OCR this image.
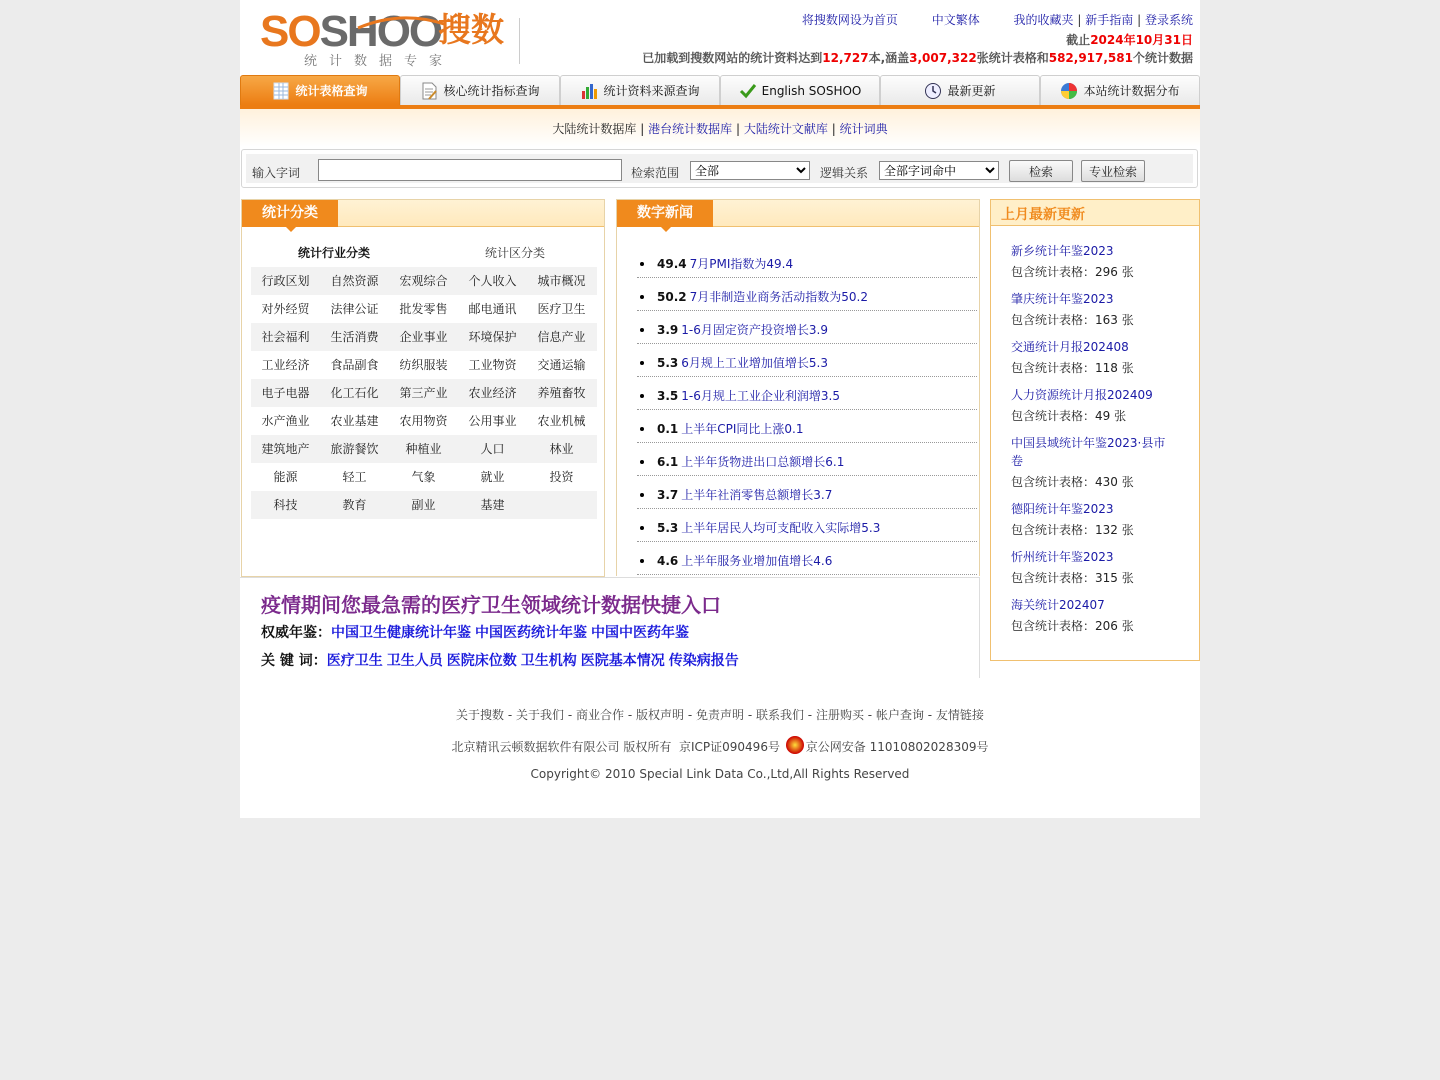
SOSHOO
搜数
统计数据专家
将搜数网设为首页	中文繁体	我的收藏夹 | 新手指南 | 登录系统
截止2024年10月31日
已加载到搜数网站的统计资料达到12,727本,涵盖3,007,322张统计表格和582,917,581个统计数据
统计表格查询	核心统计指标查询	统计资料来源查询	English SOSHOO	最新更新	本站统计数据分布
大陆统计数据库 | 港台统计数据库 | 大陆统计文献库 | 统计词典
输入字词	检索范围
全部	逻辑关系
全部字词命中	检索	专业检索
统计分类
统计行业分类	统计区分类
行政区划	自然资源	宏观综合	个人收入	城市概况
对外经贸	法律公证	批发零售	邮电通讯	医疗卫生
社会福利	生活消费	企业事业	环境保护	信息产业
工业经济	食品副食	纺织服装	工业物资	交通运输
电子电器	化工石化	第三产业	农业经济	养殖畜牧
水产渔业	农业基建	农用物资	公用事业	农业机械
建筑地产	旅游餐饮	种植业	人口	林业
能源	轻工	气象	就业	投资
科技	教育	副业	基建
数字新闻
49.4 7月PMI指数为49.4
50.2 7月非制造业商务活动指数为50.2
3.9 1-6月固定资产投资增长3.9
5.3 6月规上工业增加值增长5.3
3.5 1-6月规上工业企业利润增3.5
0.1 上半年CPI同比上涨0.1
6.1 上半年货物进出口总额增长6.1
3.7 上半年社消零售总额增长3.7
5.3 上半年居民人均可支配收入实际增5.3
4.6 上半年服务业增加值增长4.6
上月最新更新
新乡统计年鉴2023
包含统计表格：296 张
肇庆统计年鉴2023
包含统计表格：163 张
交通统计月报202408
包含统计表格：118 张
人力资源统计月报202409
包含统计表格：49 张
中国县域统计年鉴2023·县市卷
包含统计表格：430 张
德阳统计年鉴2023
包含统计表格：132 张
忻州统计年鉴2023
包含统计表格：315 张
海关统计202407
包含统计表格：206 张
疫情期间您最急需的医疗卫生领域统计数据快捷入口
权威年鉴：中国卫生健康统计年鉴 中国医药统计年鉴 中国中医药年鉴
关 键 词：医疗卫生 卫生人员 医院床位数 卫生机构 医院基本情况 传染病报告
关于搜数 - 关于我们 - 商业合作 - 版权声明 - 免责声明 - 联系我们 - 注册购买 - 帐户查询 - 友情链接
北京精讯云顿数据软件有限公司 版权所有 京ICP证090496号 京公网安备 11010802028309号
Copyright© 2010 Special Link Data Co.,Ltd,All Rights Reserved
